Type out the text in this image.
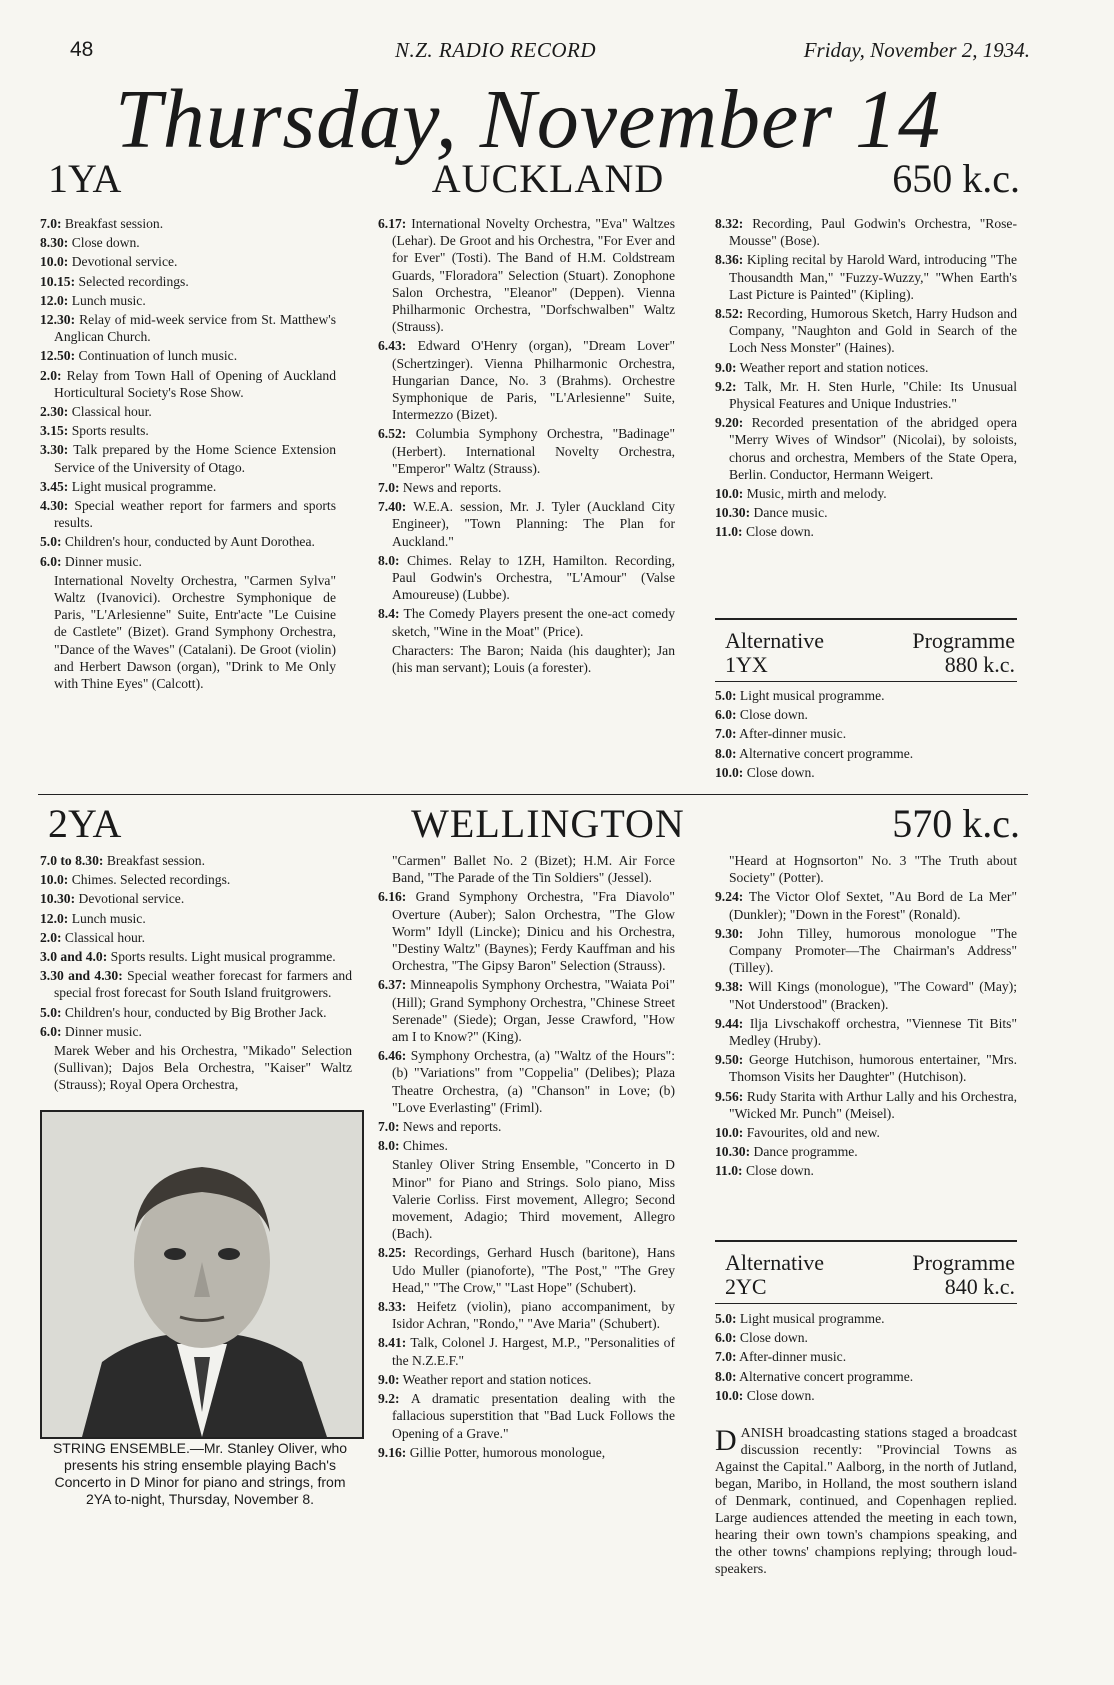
48	N.Z. RADIO RECORD	Friday, November 2, 1934.
Thursday, November 14
1YA	AUCKLAND	650 k.c.

7.0: Breakfast session.

8.30: Close down.

10.0: Devotional service.

10.15: Selected recordings.

12.0: Lunch music.

12.30: Relay of mid-week service from St. Matthew's Anglican Church.

12.50: Continuation of lunch music.

2.0: Relay from Town Hall of Opening of Auckland Horticultural Society's Rose Show.

2.30: Classical hour.

3.15: Sports results.

3.30: Talk prepared by the Home Science Extension Service of the University of Otago.

3.45: Light musical programme.

4.30: Special weather report for farmers and sports results.

5.0: Children's hour, conducted by Aunt Dorothea.

6.0: Dinner music.

International Novelty Orchestra, "Carmen Sylva" Waltz (Ivanovici). Orchestre Symphonique de Paris, "L'Arlesienne" Suite, Entr'acte "Le Cuisine de Castlete" (Bizet). Grand Symphony Orchestra, "Dance of the Waves" (Catalani). De Groot (violin) and Herbert Dawson (organ), "Drink to Me Only with Thine Eyes" (Calcott).

6.17: International Novelty Orchestra, "Eva" Waltzes (Lehar). De Groot and his Orchestra, "For Ever and for Ever" (Tosti). The Band of H.M. Coldstream Guards, "Floradora" Selection (Stuart). Zonophone Salon Orchestra, "Eleanor" (Deppen). Vienna Philharmonic Orchestra, "Dorfschwalben" Waltz (Strauss).

6.43: Edward O'Henry (organ), "Dream Lover" (Schertzinger). Vienna Philharmonic Orchestra, Hungarian Dance, No. 3 (Brahms). Orchestre Symphonique de Paris, "L'Arlesienne" Suite, Intermezzo (Bizet).

6.52: Columbia Symphony Orchestra, "Badinage" (Herbert). International Novelty Orchestra, "Emperor" Waltz (Strauss).

7.0: News and reports.

7.40: W.E.A. session, Mr. J. Tyler (Auckland City Engineer), "Town Planning: The Plan for Auckland."

8.0: Chimes. Relay to 1ZH, Hamilton. Recording, Paul Godwin's Orchestra, "L'Amour" (Valse Amoureuse) (Lubbe).

8.4: The Comedy Players present the one-act comedy sketch, "Wine in the Moat" (Price).

Characters: The Baron; Naida (his daughter); Jan (his man servant); Louis (a forester).

8.32: Recording, Paul Godwin's Orchestra, "Rose-Mousse" (Bose).

8.36: Kipling recital by Harold Ward, introducing "The Thousandth Man," "Fuzzy-Wuzzy," "When Earth's Last Picture is Painted" (Kipling).

8.52: Recording, Humorous Sketch, Harry Hudson and Company, "Naughton and Gold in Search of the Loch Ness Monster" (Haines).

9.0: Weather report and station notices.

9.2: Talk, Mr. H. Sten Hurle, "Chile: Its Unusual Physical Features and Unique Industries."

9.20: Recorded presentation of the abridged opera "Merry Wives of Windsor" (Nicolai), by soloists, chorus and orchestra, Members of the State Opera, Berlin. Conductor, Hermann Weigert.

10.0: Music, mirth and melody.

10.30: Dance music.

11.0: Close down.

Alternative	Programme
1YX	880 k.c.

5.0: Light musical programme.

6.0: Close down.

7.0: After-dinner music.

8.0: Alternative concert programme.

10.0: Close down.

2YA	WELLINGTON	570 k.c.

7.0 to 8.30: Breakfast session.

10.0: Chimes. Selected recordings.

10.30: Devotional service.

12.0: Lunch music.

2.0: Classical hour.

3.0 and 4.0: Sports results. Light musical programme.

3.30 and 4.30: Special weather forecast for farmers and special frost forecast for South Island fruitgrowers.

5.0: Children's hour, conducted by Big Brother Jack.

6.0: Dinner music.

Marek Weber and his Orchestra, "Mikado" Selection (Sullivan); Dajos Bela Orchestra, "Kaiser" Waltz (Strauss); Royal Opera Orchestra,

"Carmen" Ballet No. 2 (Bizet); H.M. Air Force Band, "The Parade of the Tin Soldiers" (Jessel).

6.16: Grand Symphony Orchestra, "Fra Diavolo" Overture (Auber); Salon Orchestra, "The Glow Worm" Idyll (Lincke); Dinicu and his Orchestra, "Destiny Waltz" (Baynes); Ferdy Kauffman and his Orchestra, "The Gipsy Baron" Selection (Strauss).

6.37: Minneapolis Symphony Orchestra, "Waiata Poi" (Hill); Grand Symphony Orchestra, "Chinese Street Serenade" (Siede); Organ, Jesse Crawford, "How am I to Know?" (King).

6.46: Symphony Orchestra, (a) "Waltz of the Hours": (b) "Variations" from "Coppelia" (Delibes); Plaza Theatre Orchestra, (a) "Chanson" in Love; (b) "Love Everlasting" (Friml).

7.0: News and reports.

8.0: Chimes.

Stanley Oliver String Ensemble, "Concerto in D Minor" for Piano and Strings. Solo piano, Miss Valerie Corliss. First movement, Allegro; Second movement, Adagio; Third movement, Allegro (Bach).

8.25: Recordings, Gerhard Husch (baritone), Hans Udo Muller (pianoforte), "The Post," "The Grey Head," "The Crow," "Last Hope" (Schubert).

8.33: Heifetz (violin), piano accompaniment, by Isidor Achran, "Rondo," "Ave Maria" (Schubert).

8.41: Talk, Colonel J. Hargest, M.P., "Personalities of the N.Z.E.F."

9.0: Weather report and station notices.

9.2: A dramatic presentation dealing with the fallacious superstition that "Bad Luck Follows the Opening of a Grave."

9.16: Gillie Potter, humorous monologue,

"Heard at Hognsorton" No. 3 "The Truth about Society" (Potter).

9.24: The Victor Olof Sextet, "Au Bord de La Mer" (Dunkler); "Down in the Forest" (Ronald).

9.30: John Tilley, humorous monologue "The Company Promoter—The Chairman's Address" (Tilley).

9.38: Will Kings (monologue), "The Coward" (May); "Not Understood" (Bracken).

9.44: Ilja Livschakoff orchestra, "Viennese Tit Bits" Medley (Hruby).

9.50: George Hutchison, humorous entertainer, "Mrs. Thomson Visits her Daughter" (Hutchison).

9.56: Rudy Starita with Arthur Lally and his Orchestra, "Wicked Mr. Punch" (Meisel).

10.0: Favourites, old and new.

10.30: Dance programme.

11.0: Close down.

Alternative	Programme
2YC	840 k.c.

5.0: Light musical programme.

6.0: Close down.

7.0: After-dinner music.

8.0: Alternative concert programme.

10.0: Close down.

STRING ENSEMBLE.—Mr. Stanley Oliver, who presents his string ensemble playing Bach's Concerto in D Minor for piano and strings, from 2YA to-night, Thursday, November 8.

DANISH broadcasting stations staged a broadcast discussion recently: "Provincial Towns as Against the Capital." Aalborg, in the north of Jutland, began, Maribo, in Holland, the most southern island of Denmark, continued, and Copenhagen replied. Large audiences attended the meeting in each town, hearing their own town's champions speaking, and the other towns' champions replying; through loud-speakers.
